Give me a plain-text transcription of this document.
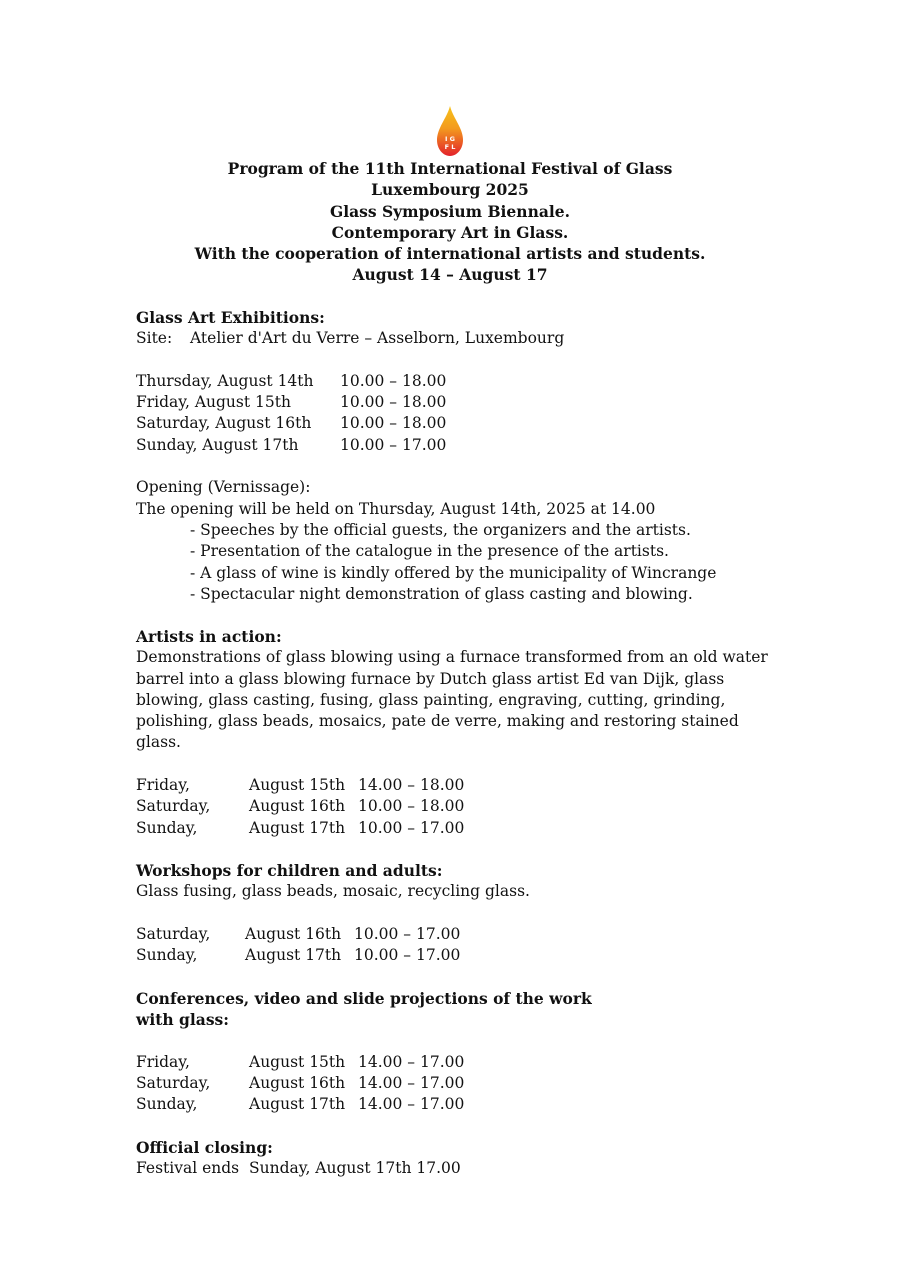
I G
F L
Program of the 11th International Festival of Glass
Luxembourg 2025
Glass Symposium Biennale.
Contemporary Art in Glass.
With the cooperation of international artists and students.
August 14 – August 17
Glass Art Exhibitions:
Site: Atelier d'Art du Verre – Asselborn, Luxembourg
Thursday, August 14th 10.00 – 18.00
Friday, August 15th	10.00 – 18.00
Saturday, August 16th 10.00 – 18.00
Sunday, August 17th	10.00 – 17.00
Opening (Vernissage):
The opening will be held on Thursday, August 14th, 2025 at 14.00
- Speeches by the official guests, the organizers and the artists.
- Presentation of the catalogue in the presence of the artists.
- A glass of wine is kindly offered by the municipality of Wincrange
- Spectacular night demonstration of glass casting and blowing.
Artists in action:
Demonstrations of glass blowing using a furnace transformed from an old water
barrel into a glass blowing furnace by Dutch glass artist Ed van Dijk, glass
blowing, glass casting, fusing, glass painting, engraving, cutting, grinding,
polishing, glass beads, mosaics, pate de verre, making and restoring stained
glass.
Friday,	August 15th 14.00 – 18.00
Saturday, August 16th 10.00 – 18.00
Sunday,	August 17th 10.00 – 17.00
Workshops for children and adults:
Glass fusing, glass beads, mosaic, recycling glass.
Saturday, August 16th 10.00 – 17.00
Sunday,	August 17th 10.00 – 17.00
Conferences, video and slide projections of the work
with glass:
Friday,	August 15th 14.00 – 17.00
Saturday, August 16th 14.00 – 17.00
Sunday,	August 17th 14.00 – 17.00
Official closing:
Festival ends Sunday, August 17th 17.00
